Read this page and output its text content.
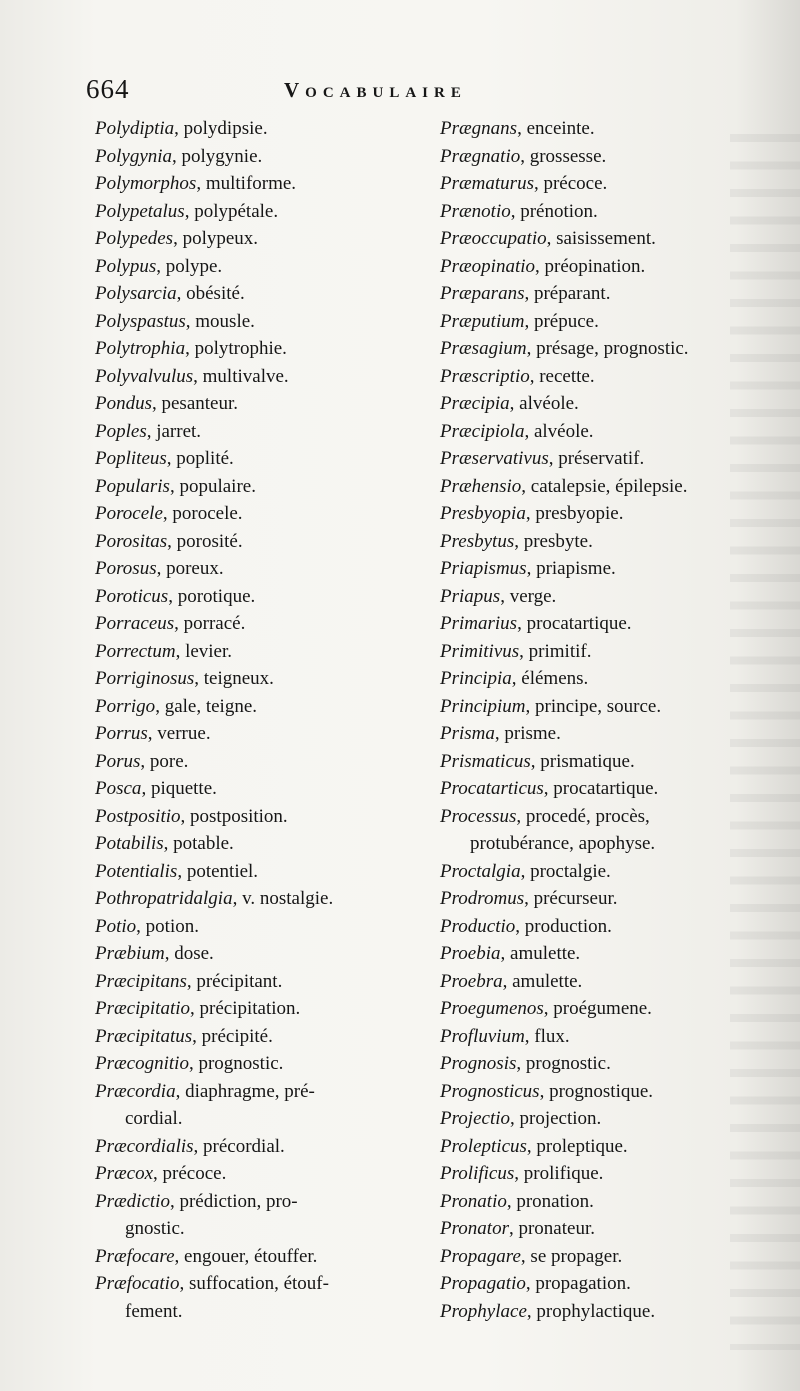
664	Vocabulaire
Polydiptia, polydipsie.
Polygynia, polygynie.
Polymorphos, multiforme.
Polypetalus, polypétale.
Polypedes, polypeux.
Polypus, polype.
Polysarcia, obésité.
Polyspastus, mousle.
Polytrophia, polytrophie.
Polyvalvulus, multivalve.
Pondus, pesanteur.
Poples, jarret.
Popliteus, poplité.
Popularis, populaire.
Porocele, porocele.
Porositas, porosité.
Porosus, poreux.
Poroticus, porotique.
Porraceus, porracé.
Porrectum, levier.
Porriginosus, teigneux.
Porrigo, gale, teigne.
Porrus, verrue.
Porus, pore.
Posca, piquette.
Postpositio, postposition.
Potabilis, potable.
Potentialis, potentiel.
Pothropatridalgia, v. nostalgie.
Potio, potion.
Præbium, dose.
Præcipitans, précipitant.
Præcipitatio, précipitation.
Præcipitatus, précipité.
Præcognitio, prognostic.
Præcordia, diaphragme, pré-
cordial.
Præcordialis, précordial.
Præcox, précoce.
Prædictio, prédiction, pro-
gnostic.
Præfocare, engouer, étouffer.
Præfocatio, suffocation, étouf-
fement.
Prægnans, enceinte.
Prægnatio, grossesse.
Præmaturus, précoce.
Prænotio, prénotion.
Præoccupatio, saisissement.
Præopinatio, préopination.
Præparans, préparant.
Præputium, prépuce.
Præsagium, présage, prognostic.
Præscriptio, recette.
Præcipia, alvéole.
Præcipiola, alvéole.
Præservativus, préservatif.
Præhensio, catalepsie, épilepsie.
Presbyopia, presbyopie.
Presbytus, presbyte.
Priapismus, priapisme.
Priapus, verge.
Primarius, procatartique.
Primitivus, primitif.
Principia, élémens.
Principium, principe, source.
Prisma, prisme.
Prismaticus, prismatique.
Procatarticus, procatartique.
Processus, procedé, procès,
protubérance, apophyse.
Proctalgia, proctalgie.
Prodromus, précurseur.
Productio, production.
Proebia, amulette.
Proebra, amulette.
Proegumenos, proégumene.
Profluvium, flux.
Prognosis, prognostic.
Prognosticus, prognostique.
Projectio, projection.
Prolepticus, proleptique.
Prolificus, prolifique.
Pronatio, pronation.
Pronator, pronateur.
Propagare, se propager.
Propagatio, propagation.
Prophylace, prophylactique.
